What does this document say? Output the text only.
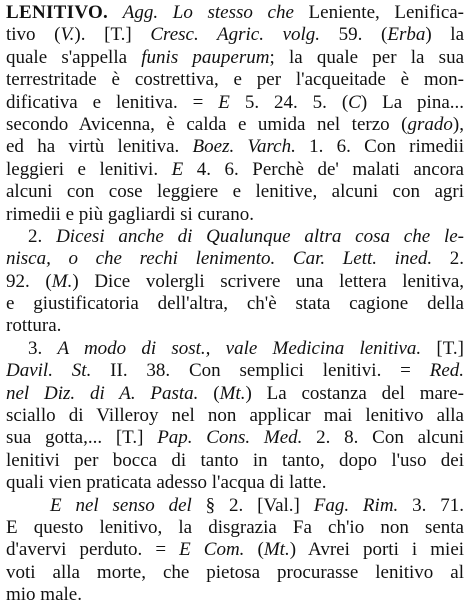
LENITIVO. Agg. Lo stesso che Leniente, Lenifica-
tivo (V.). [T.] Cresc. Agric. volg. 59. (Erba) la
quale s'appella funis pauperum; la quale per la sua
terrestritade è costrettiva, e per l'acqueitade è mon-
dificativa e lenitiva. = E 5. 24. 5. (C) La pina...
secondo Avicenna, è calda e umida nel terzo (grado),
ed ha virtù lenitiva. Boez. Varch. 1. 6. Con rimedii
leggieri e lenitivi. E 4. 6. Perchè de' malati ancora
alcuni con cose leggiere e lenitive, alcuni con agri
rimedii e più gagliardi si curano.
2. Dicesi anche di Qualunque altra cosa che le-
nisca, o che rechi lenimento. Car. Lett. ined. 2.
92. (M.) Dice volergli scrivere una lettera lenitiva,
e giustificatoria dell'altra, ch'è stata cagione della
rottura.
3. A modo di sost., vale Medicina lenitiva. [T.]
Davil. St. II. 38. Con semplici lenitivi. = Red.
nel Diz. di A. Pasta. (Mt.) La costanza del mare-
sciallo di Villeroy nel non applicar mai lenitivo alla
sua gotta,... [T.] Pap. Cons. Med. 2. 8. Con alcuni
lenitivi per bocca di tanto in tanto, dopo l'uso dei
quali vien praticata adesso l'acqua di latte.
E nel senso del § 2. [Val.] Fag. Rim. 3. 71.
E questo lenitivo, la disgrazia Fa ch'io non senta
d'avervi perduto. = E Com. (Mt.) Avrei porti i miei
voti alla morte, che pietosa procurasse lenitivo al
mio male.
